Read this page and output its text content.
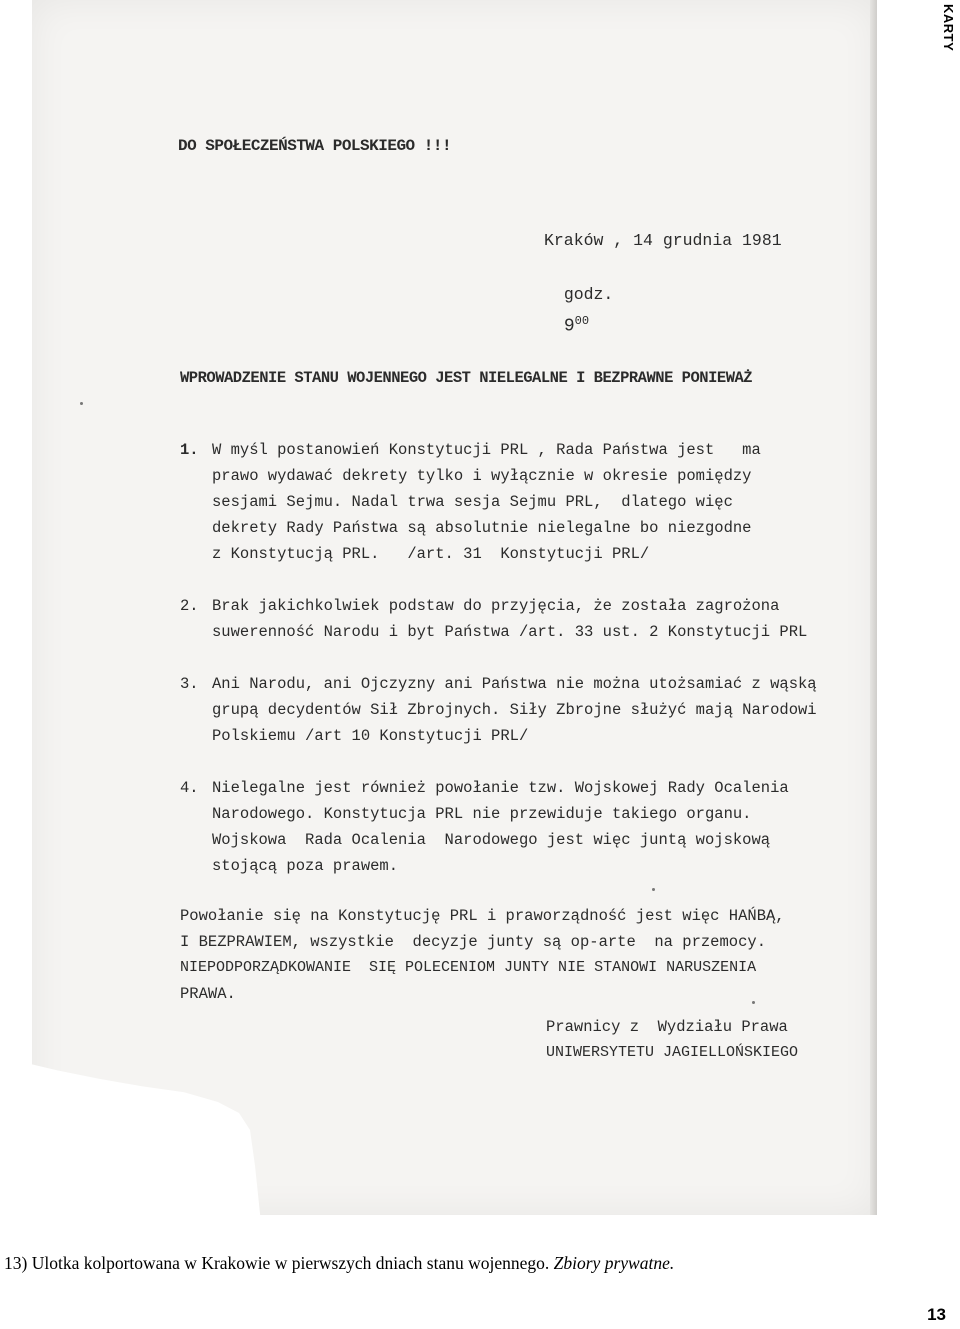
KARTY
DO SPOŁECZEŃSTWA POLSKIEGO !!!
Kraków , 14 grudnia 1981

godz.
$9^{00}$

WPROWADZENIE STANU WOJENNEGO JEST NIELEGALNE I BEZPRAWNE PONIEWAŻ
1. W myśl postanowień Konstytucji PRL , Rada Państwa jest   ma
prawo wydawać dekrety tylko i wyłącznie w okresie pomiędzy
sesjami Sejmu. Nadal trwa sesja Sejmu PRL,  dlatego więc
dekrety Rady Państwa są absolutnie nielegalne bo niezgodne
z Konstytucją PRL.   /art. 31  Konstytucji PRL/
2. Brak jakichkolwiek podstaw do przyjęcia, że została zagrożona
suwerenność Narodu i byt Państwa /art. 33 ust. 2 Konstytucji PRL
3. Ani Narodu, ani Ojczyzny ani Państwa nie można utożsamiać z wąską
grupą decydentów Sił Zbrojnych. Siły Zbrojne służyć mają Narodowi
Polskiemu /art 10 Konstytucji PRL/
4. Nielegalne jest również powołanie tzw. Wojskowej Rady Ocalenia
Narodowego. Konstytucja PRL nie przewiduje takiego organu.
Wojskowa  Rada Ocalenia  Narodowego jest więc juntą wojskową
stojącą poza prawem.
Powołanie się na Konstytucję PRL i praworządność jest więc HAŃBĄ,
I BEZPRAWIEM, wszystkie  decyzje junty są op-arte  na przemocy.
NIEPODPORZĄDKOWANIE  SIĘ POLECENIOM JUNTY NIE STANOWI NARUSZENIA
PRAWA.
Prawnicy z  Wydziału Prawa
UNIWERSYTETU JAGIELLOŃSKIEGO
13) Ulotka kolportowana w Krakowie w pierwszych dniach stanu wojennego. Zbiory prywatne.
13
